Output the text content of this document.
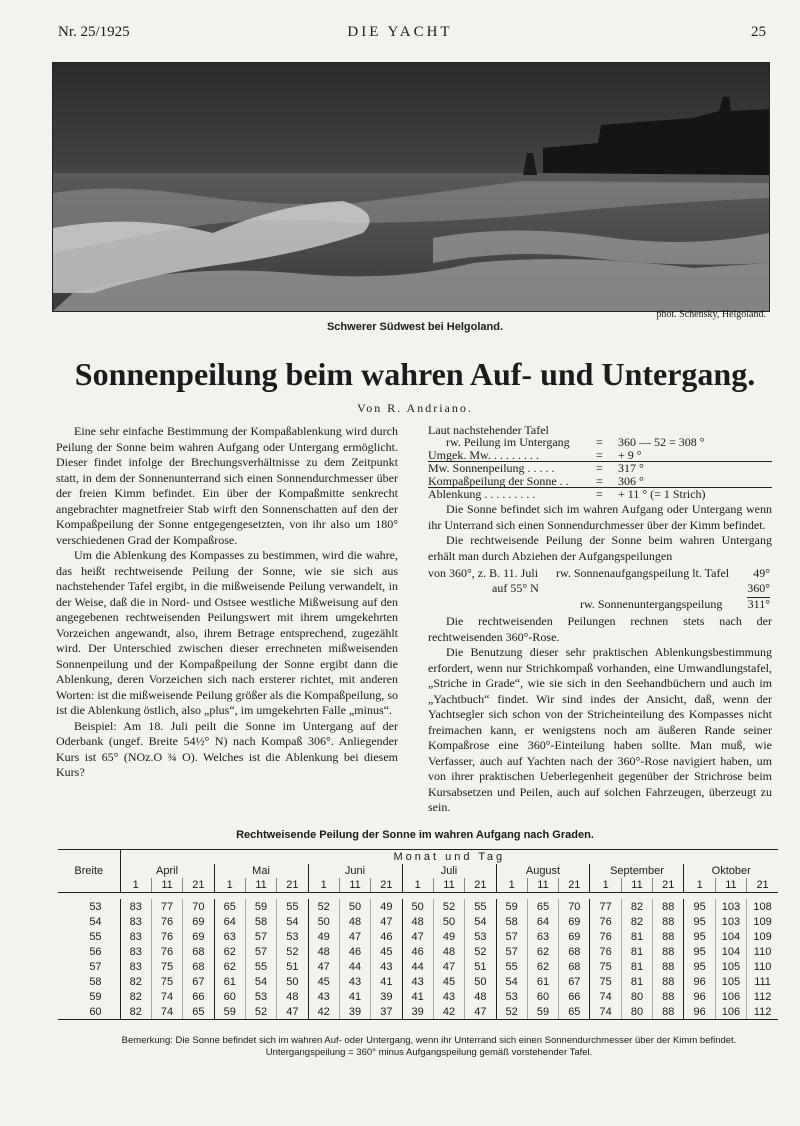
Nr. 25/1925	DIE YACHT	25
phot. Schensky, Helgoland.
Schwerer Südwest bei Helgoland.
Sonnenpeilung beim wahren Auf- und Untergang.
Von R. Andriano.

Eine sehr einfache Bestimmung der Kompaßablenkung wird durch Peilung der Sonne beim wahren Aufgang oder Untergang ermöglicht. Dieser findet infolge der Brechungsverhältnisse zu dem Zeitpunkt statt, in dem der Sonnenunterrand sich einen Sonnendurchmesser über der freien Kimm befindet. Ein über der Kompaßmitte senkrecht angebrachter magnetfreier Stab wirft den Sonnenschatten auf den der Kompaßpeilung der Sonne entgegengesetzten, von ihr also um 180° verschiedenen Grad der Kompaßrose.

Um die Ablenkung des Kompasses zu bestimmen, wird die wahre, das heißt rechtweisende Peilung der Sonne, wie sie sich aus nachstehender Tafel ergibt, in die mißweisende Peilung verwandelt, in der Weise, daß die in Nord- und Ostsee westliche Mißweisung auf den angegebenen rechtweisenden Peilungswert mit ihrem umgekehrten Vorzeichen angewandt, also, ihrem Betrage entsprechend, zugezählt wird. Der Unterschied zwischen dieser errechneten mißweisenden Sonnenpeilung und der Kompaßpeilung der Sonne ergibt dann die Ablenkung, deren Vorzeichen sich nach ersterer richtet, mit anderen Worten: ist die mißweisende Peilung größer als die Kompaßpeilung, so ist die Ablenkung östlich, also „plus“, im umgekehrten Falle „minus“.

Beispiel: Am 18. Juli peilt die Sonne im Untergang auf der Oderbank (ungef. Breite 54½° N) nach Kompaß 306°. Anliegender Kurs ist 65° (NOz.O ¾ O). Welches ist die Ablenkung bei diesem Kurs?

Laut nachstehender Tafel
rw. Peilung im Untergang = 360 — 52 = 308 °
Umgek. Mw. . . . . . . . .	= + 9 °
Mw. Sonnenpeilung . . . . .	= 317 °
Kompaßpeilung der Sonne . . = 306 °
Ablenkung . . . . . . . . .	= + 11 ° (= 1 Strich)

Die Sonne befindet sich im wahren Aufgang oder Untergang wenn ihr Unterrand sich einen Sonnendurchmesser über der Kimm befindet.

Die rechtweisende Peilung der Sonne beim wahren Untergang erhält man durch Abziehen der Aufgangspeilungen

von 360°, z. B. 11. Juli rw. Sonnenaufgangspeilung lt. Tafel 49°
auf 55° N	360°
rw. Sonnenuntergangspeilung 311°

Die rechtweisenden Peilungen rechnen stets nach der rechtweisenden 360°-Rose.

Die Benutzung dieser sehr praktischen Ablenkungsbestimmung erfordert, wenn nur Strichkompaß vorhanden, eine Umwandlungstafel, „Striche in Grade“, wie sie sich in den Seehandbüchern und auch im „Yachtbuch“ findet. Wir sind indes der Ansicht, daß, wenn der Yachtsegler sich schon von der Stricheinteilung des Kompasses nicht freimachen kann, er wenigstens noch am äußeren Rande seiner Kompaßrose eine 360°-Einteilung haben sollte. Man muß, wie Verfasser, auch auf Yachten nach der 360°-Rose navigiert haben, um von ihrer praktischen Ueberlegenheit gegenüber der Strichrose beim Kursabsetzen und Peilen, auch auf solchen Fahrzeugen, überzeugt zu sein.

Rechtweisende Peilung der Sonne im wahren Aufgang nach Graden.
Breite	Monat und Tag																				
	April			Mai			Juni			Juli			August			September			Oktober		
	1	11	21	1	11	21	1	11	21	1	11	21	1	11	21	1	11	21	1	11	21

53	83	77	70	65	59	55	52	50	49	50	52	55	59	65	70	77	82	88	95	103	108
54	83	76	69	64	58	54	50	48	47	48	50	54	58	64	69	76	82	88	95	103	109
55	83	76	69	63	57	53	49	47	46	47	49	53	57	63	69	76	81	88	95	104	109
56	83	76	68	62	57	52	48	46	45	46	48	52	57	62	68	76	81	88	95	104	110
57	83	75	68	62	55	51	47	44	43	44	47	51	55	62	68	75	81	88	95	105	110
58	82	75	67	61	54	50	45	43	41	43	45	50	54	61	67	75	81	88	96	105	111
59	82	74	66	60	53	48	43	41	39	41	43	48	53	60	66	74	80	88	96	106	112
60	82	74	65	59	52	47	42	39	37	39	42	47	52	59	65	74	80	88	96	106	112
Bemerkung: Die Sonne befindet sich im wahren Auf- oder Untergang, wenn ihr Unterrand sich einen Sonnendurchmesser über der Kimm befindet.
Untergangspeilung = 360° minus Aufgangspeilung gemäß vorstehender Tafel.
